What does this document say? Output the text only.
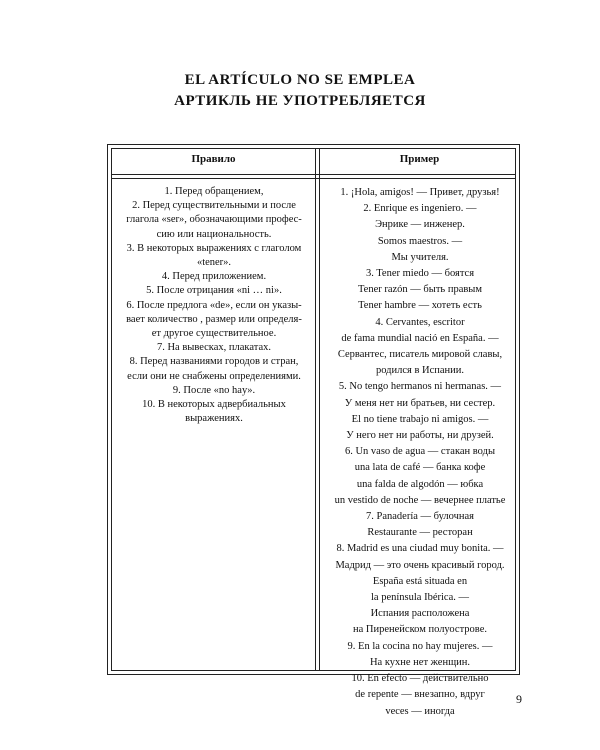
EL ARTÍCULO NO SE EMPLEA
АРТИКЛЬ НЕ УПОТРЕБЛЯЕТСЯ
Правило	Пример
1. Перед обращением,
2. Перед существительными и после
глагола «ser», обозначающими профес-
сию или национальность.
3. В некоторых выражениях с глаголом
«tener».
4. Перед приложением.
5. После отрицания «ni … ni».
6. После предлога «de», если он указы-
вает количество , размер или определя-
ет другое существительное.
7. На вывесках, плакатах.
8. Перед названиями городов и стран,
если они не снабжены определениями.
9. После «no hay».
10. В некоторых адвербиальных
выражениях.
1. ¡Hola, amigos! — Привет, друзья!
2. Enrique es ingeniero. —
Энрике — инженер.
Somos maestros. —
Мы учителя.
3. Tener miedo — боятся
Tener razón — быть правым
Tener hambre — хотеть есть
4. Cervantes, escritor
de fama mundial nació en España. —
Сервантес, писатель мировой славы,
родился в Испании.
5. No tengo hermanos ni hermanas. —
У меня нет ни братьев, ни сестер.
El no tiene trabajo ni amigos. —
У него нет ни работы, ни друзей.
6. Un vaso de agua — стакан воды
una lata de café — банка кофе
una falda de algodón — юбка
un vestido de noche — вечернее платье
7. Panadería — булочная
Restaurante — ресторан
8. Madrid es una ciudad muy bonita. —
Мадрид — это очень красивый город.
España está situada en
la península Ibérica. —
Испания расположена
на Пиренейском полуострове.
9. En la cocina no hay mujeres. —
На кухне нет женщин.
10. En efecto — действительно
de repente — внезапно, вдруг
veces — иногда
9
